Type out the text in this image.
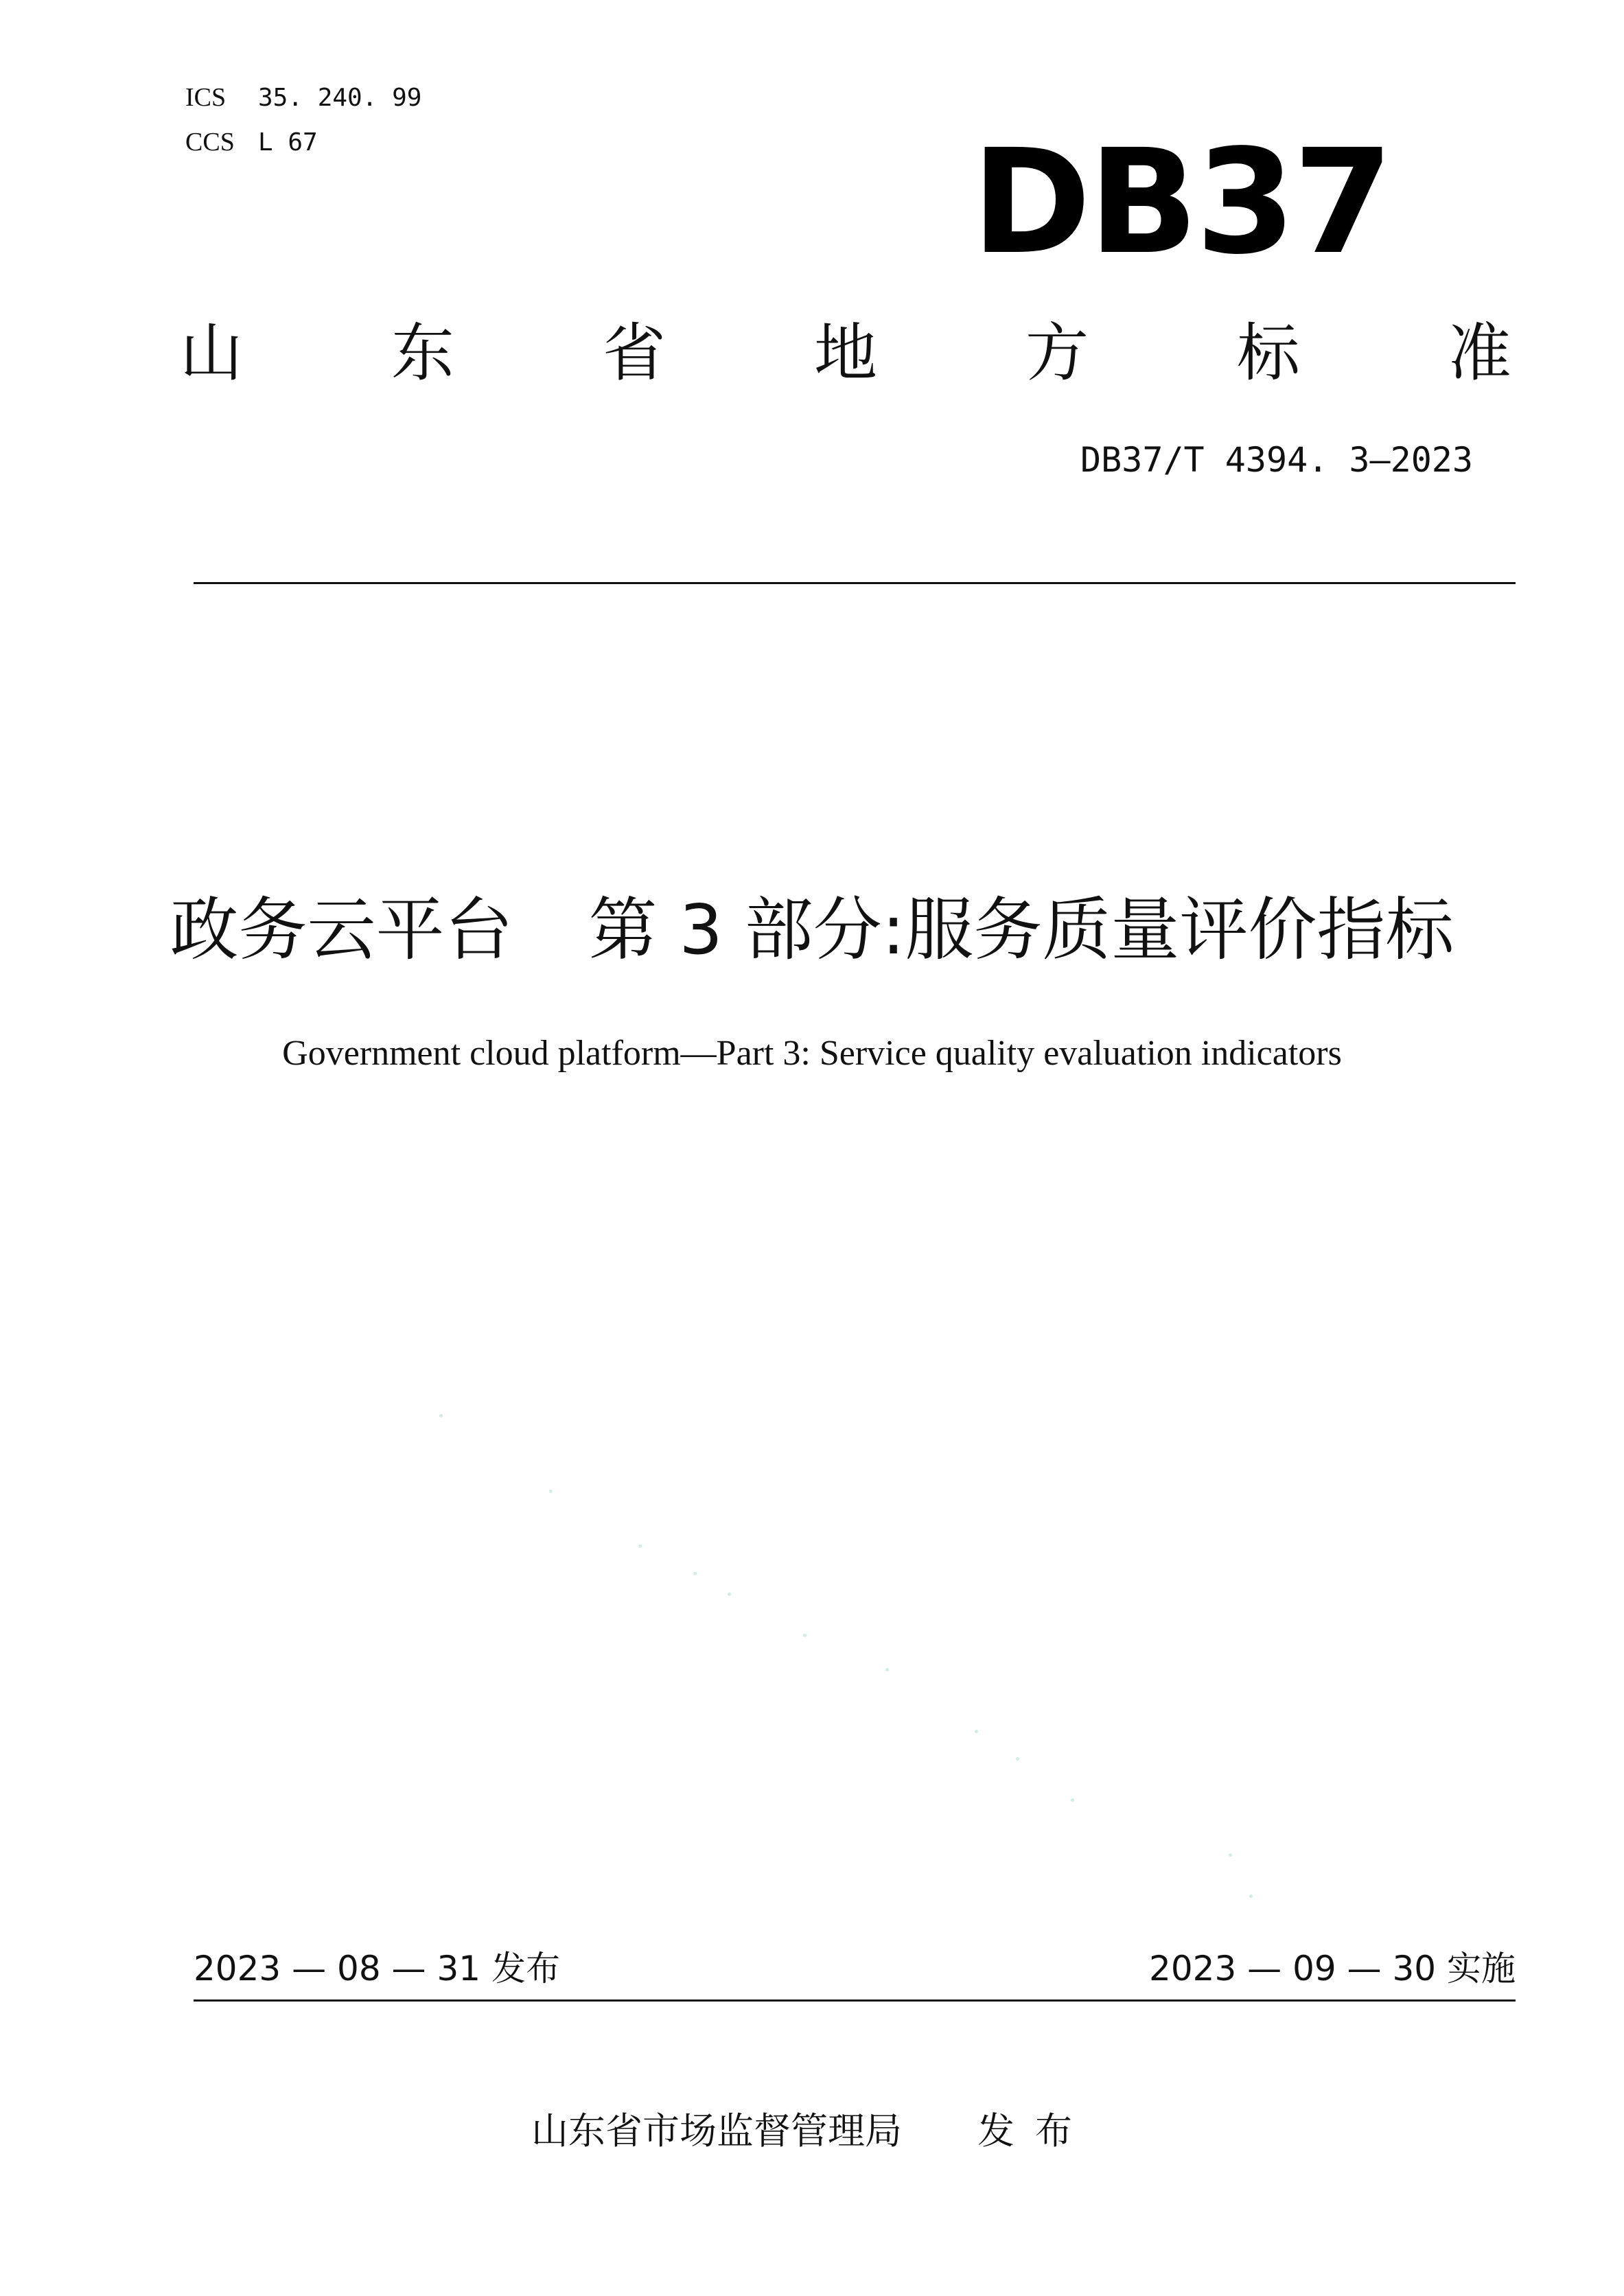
ICS 35. 240. 99
CCS L 67	DB37
山 东 省 地 方 标 准
DB37/T 4394. 3—2023
政务云平台 第 3 部分:服务质量评价指标
Government cloud platform—Part 3: Service quality evaluation indicators
2023 — 08 — 31 发布	2023 — 09 — 30 实施
山东省市场监督管理局 发布
